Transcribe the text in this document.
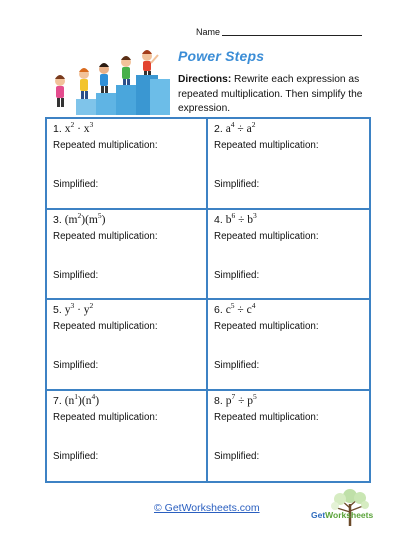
Name
Power Steps
Directions: Rewrite each expression as repeated multiplication. Then simplify the expression.
1. $x^2 \cdot x^3$
Repeated multiplication:
Simplified:
2. $a^4 \div a^2$
Repeated multiplication:
Simplified:
3. $(m^2)(m^5)$
Repeated multiplication:
Simplified:
4. $b^6 \div b^3$
Repeated multiplication:
Simplified:
5. $y^3 \cdot y^2$
Repeated multiplication:
Simplified:
6. $c^5 \div c^4$
Repeated multiplication:
Simplified:
7. $(n^1)(n^4)$
Repeated multiplication:
Simplified:
8. $p^7 \div p^5$
Repeated multiplication:
Simplified:
© GetWorksheets.com
GetWorksheets
